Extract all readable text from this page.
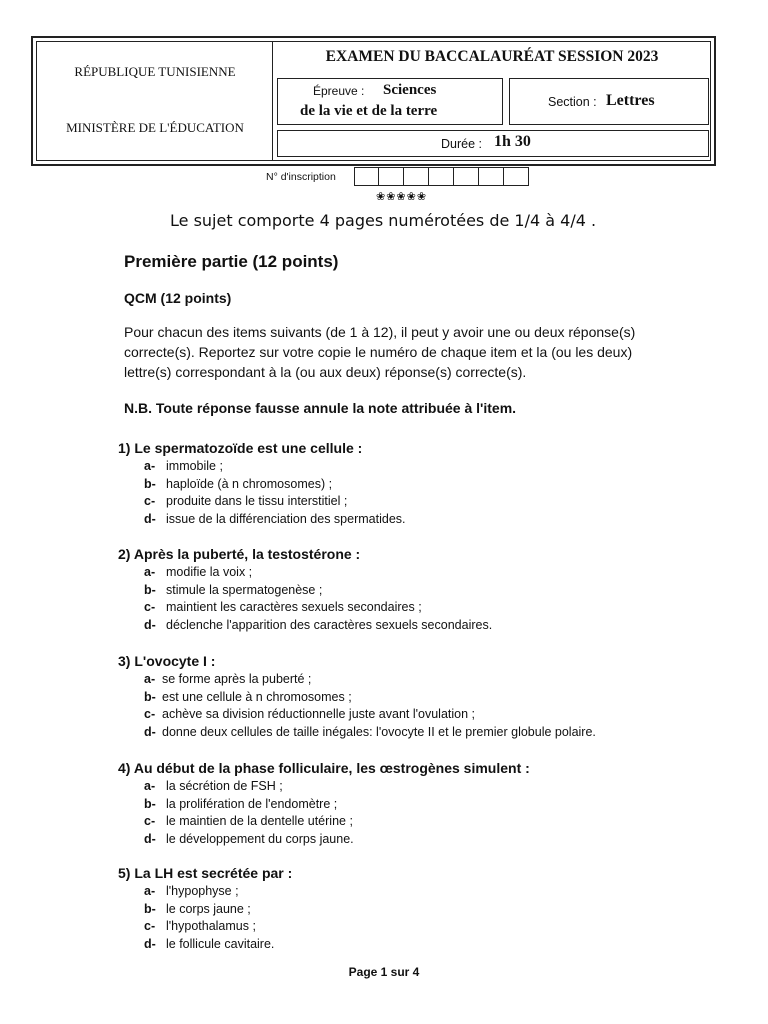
RÉPUBLIQUE TUNISIENNE
MINISTÈRE DE L'ÉDUCATION
EXAMEN DU BACCALAURÉAT SESSION 2023
Épreuve : Sciences
de la vie et de la terre
Section : Lettres
Durée : 1h 30
N° d'inscription
❀❀❀❀❀
Le sujet comporte 4 pages numérotées de 1/4 à 4/4 .
Première partie (12 points)
QCM (12 points)
Pour chacun des items suivants (de 1 à 12), il peut y avoir une ou deux réponse(s)
correcte(s). Reportez sur votre copie le numéro de chaque item et la (ou les deux)
lettre(s) correspondant à la (ou aux deux) réponse(s) correcte(s).
N.B. Toute réponse fausse annule la note attribuée à l'item.
1) Le spermatozoïde est une cellule :
a- immobile ;
b- haploïde (à n chromosomes) ;
c- produite dans le tissu interstitiel ;
d- issue de la différenciation des spermatides.
2) Après la puberté, la testostérone :
a- modifie la voix ;
b- stimule la spermatogenèse ;
c- maintient les caractères sexuels secondaires ;
d- déclenche l'apparition des caractères sexuels secondaires.
3) L'ovocyte I :
a- se forme après la puberté ;
b- est une cellule à n chromosomes ;
c- achève sa division réductionnelle juste avant l'ovulation ;
d- donne deux cellules de taille inégales: l'ovocyte II et le premier globule polaire.
4) Au début de la phase folliculaire, les œstrogènes simulent :
a- la sécrétion de FSH ;
b- la prolifération de l'endomètre ;
c- le maintien de la dentelle utérine ;
d- le développement du corps jaune.
5) La LH est secrétée par :
a- l'hypophyse ;
b- le corps jaune ;
c- l'hypothalamus ;
d- le follicule cavitaire.
Page 1 sur 4
